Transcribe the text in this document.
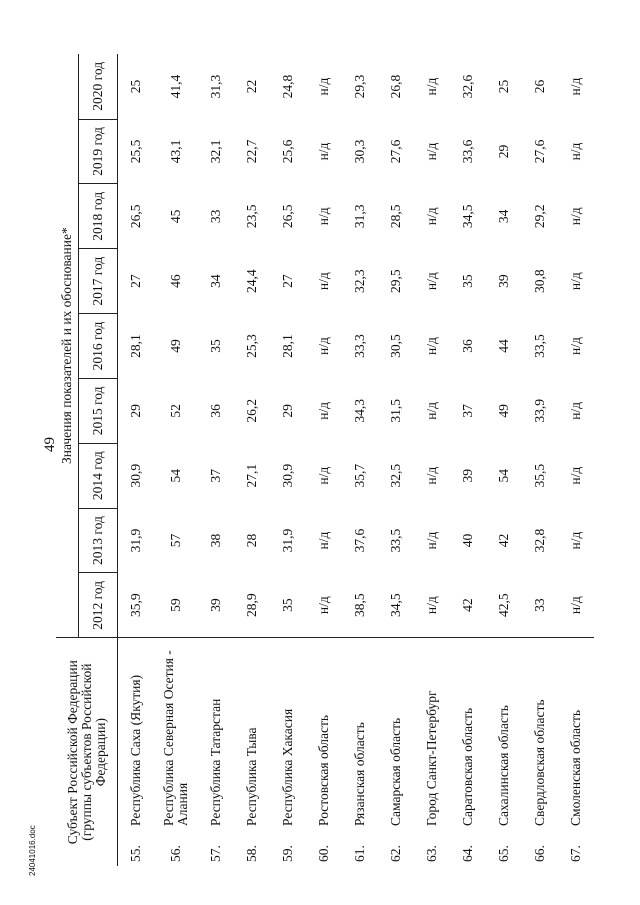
49
Субъект Российской Федерации (группы субъектов Российской Федерации)		Значения показателей и их обоснование*								
		2012 год	2013 год	2014 год	2015 год	2016 год	2017 год	2018 год	2019 год	2020 год
55.	Республика Саха (Якутия)	35,9	31,9	30,9	29	28,1	27	26,5	25,5	25
56.	Республика Северная Осетия - Алания	59	57	54	52	49	46	45	43,1	41,4
57.	Республика Татарстан	39	38	37	36	35	34	33	32,1	31,3
58.	Республика Тыва	28,9	28	27,1	26,2	25,3	24,4	23,5	22,7	22
59.	Республика Хакасия	35	31,9	30,9	29	28,1	27	26,5	25,6	24,8
60.	Ростовская область	н/д	н/д	н/д	н/д	н/д	н/д	н/д	н/д	н/д
61.	Рязанская область	38,5	37,6	35,7	34,3	33,3	32,3	31,3	30,3	29,3
62.	Самарская область	34,5	33,5	32,5	31,5	30,5	29,5	28,5	27,6	26,8
63.	Город Санкт-Петербург	н/д	н/д	н/д	н/д	н/д	н/д	н/д	н/д	н/д
64.	Саратовская область	42	40	39	37	36	35	34,5	33,6	32,6
65.	Сахалинская область	42,5	42	54	49	44	39	34	29	25
66.	Свердловская область	33	32,8	35,5	33,9	33,5	30,8	29,2	27,6	26
67.	Смоленская область	н/д	н/д	н/д	н/д	н/д	н/д	н/д	н/д	н/д
24041016.doc
